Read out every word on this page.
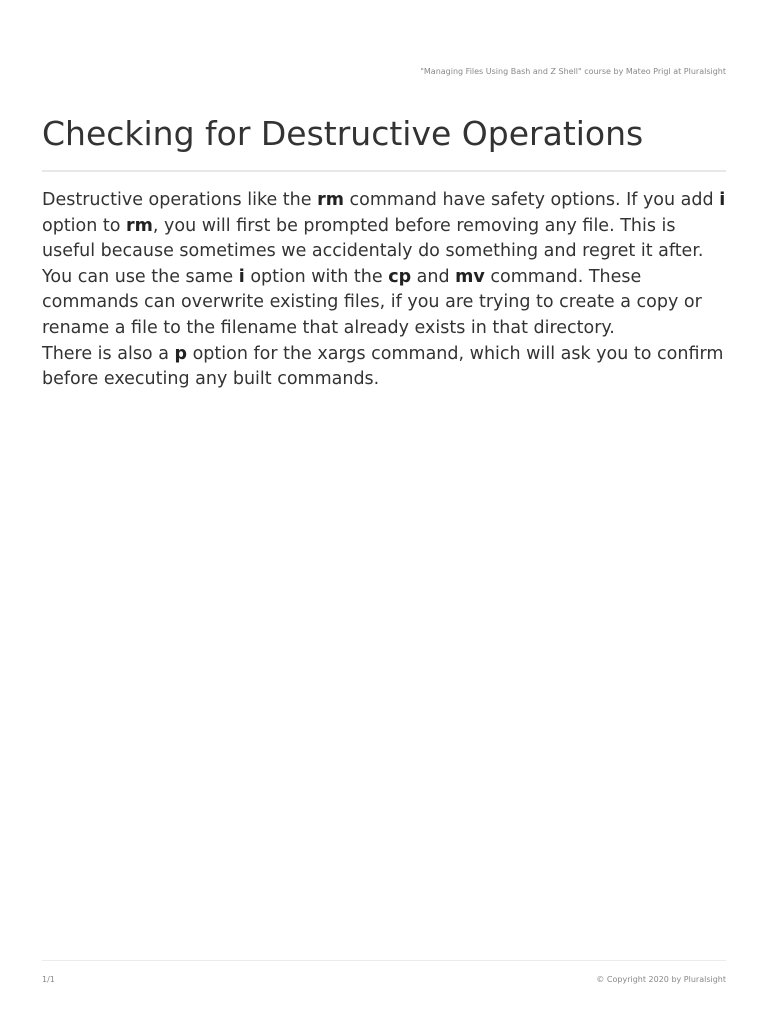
"Managing Files Using Bash and Z Shell" course by Mateo Prigl at Pluralsight
Checking for Destructive Operations

Destructive operations like the rm command have safety options. If you add i option to rm, you will first be prompted before removing any file. This is useful because sometimes we accidentaly do something and regret it after.

You can use the same i option with the cp and mv command. These commands can overwrite existing files, if you are trying to create a copy or rename a file to the filename that already exists in that directory.

There is also a p option for the xargs command, which will ask you to confirm before executing any built commands.

1/1	© Copyright 2020 by Pluralsight
